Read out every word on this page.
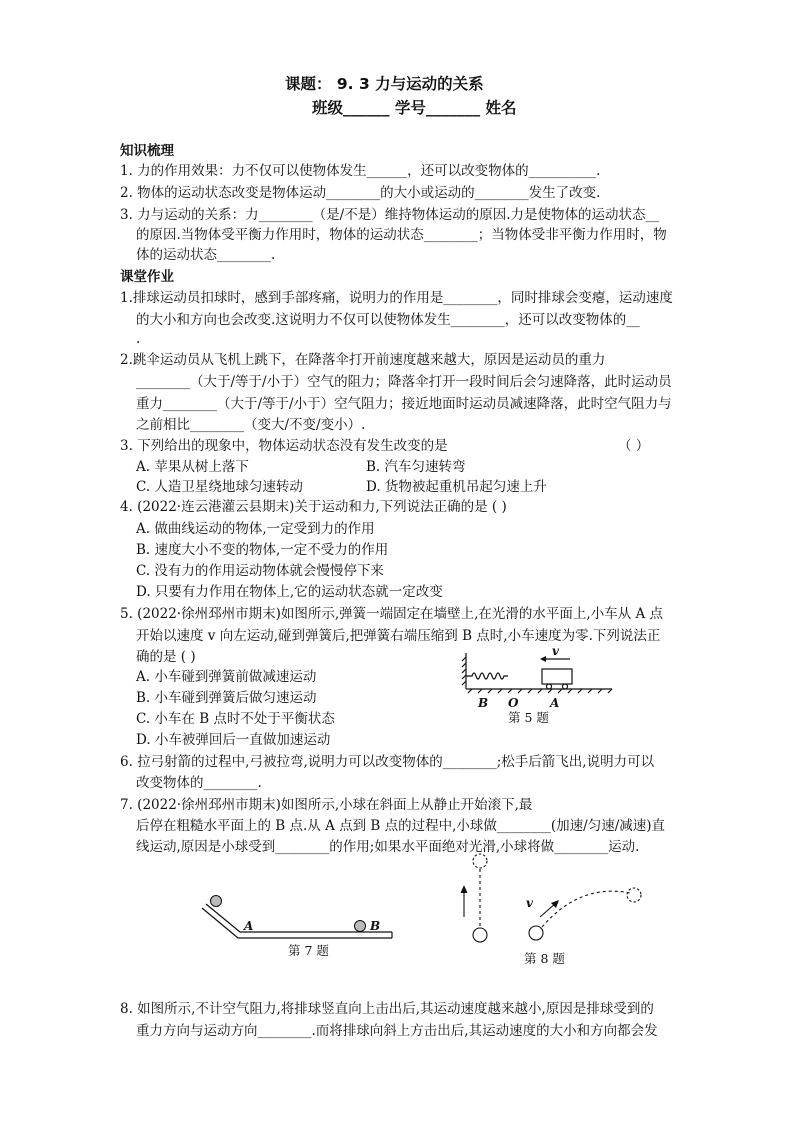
课题： 9. 3 力与运动的关系
班级______ 学号_______ 姓名
知识梳理
1. 力的作用效果：力不仅可以使物体发生______，还可以改变物体的__________.
2. 物体的运动状态改变是物体运动________的大小或运动的________发生了改变.
3. 力与运动的关系：力________（是/不是）维持物体运动的原因.力是使物体的运动状态__
的原因.当物体受平衡力作用时，物体的运动状态________；当物体受非平衡力作用时，物
体的运动状态________.
课堂作业
1.排球运动员扣球时，感到手部疼痛，说明力的作用是________，同时排球会变瘪，运动速度
的大小和方向也会改变.这说明力不仅可以使物体发生________，还可以改变物体的__
.
2.跳伞运动员从飞机上跳下，在降落伞打开前速度越来越大，原因是运动员的重力
________（大于/等于/小于）空气的阻力；降落伞打开一段时间后会匀速降落，此时运动员
重力________（大于/等于/小于）空气阻力；接近地面时运动员减速降落，此时空气阻力与
之前相比________（变大/不变/变小）.
3. 下列给出的现象中，物体运动状态没有发生改变的是	（ ）
A. 苹果从树上落下	B. 汽车匀速转弯
C. 人造卫星绕地球匀速转动	D. 货物被起重机吊起匀速上升
4. (2022·连云港灌云县期末)关于运动和力,下列说法正确的是 ( )
A. 做曲线运动的物体,一定受到力的作用
B. 速度大小不变的物体,一定不受力的作用
C. 没有力的作用运动物体就会慢慢停下来
D. 只要有力作用在物体上,它的运动状态就一定改变
5. (2022·徐州邳州市期末)如图所示,弹簧一端固定在墙壁上,在光滑的水平面上,小车从 A 点
开始以速度 v 向左运动,碰到弹簧后,把弹簧右端压缩到 B 点时,小车速度为零.下列说法正
确的是 ( )
A. 小车碰到弹簧前做减速运动
B. 小车碰到弹簧后做匀速运动
C. 小车在 B 点时不处于平衡状态
D. 小车被弹回后一直做加速运动
v
B O	A
第 5 题
6. 拉弓射箭的过程中,弓被拉弯,说明力可以改变物体的________;松手后箭飞出,说明力可以
改变物体的________.
7. (2022·徐州邳州市期末)如图所示,小球在斜面上从静止开始滚下,最
后停在粗糙水平面上的 B 点.从 A 点到 B 点的过程中,小球做________(加速/匀速/减速)直
线运动,原因是小球受到________的作用;如果水平面绝对光滑,小球将做________运动.
A	B
第 7 题
v
第 8 题
8. 如图所示,不计空气阻力,将排球竖直向上击出后,其运动速度越来越小,原因是排球受到的
重力方向与运动方向________.而将排球向斜上方击出后,其运动速度的大小和方向都会发
